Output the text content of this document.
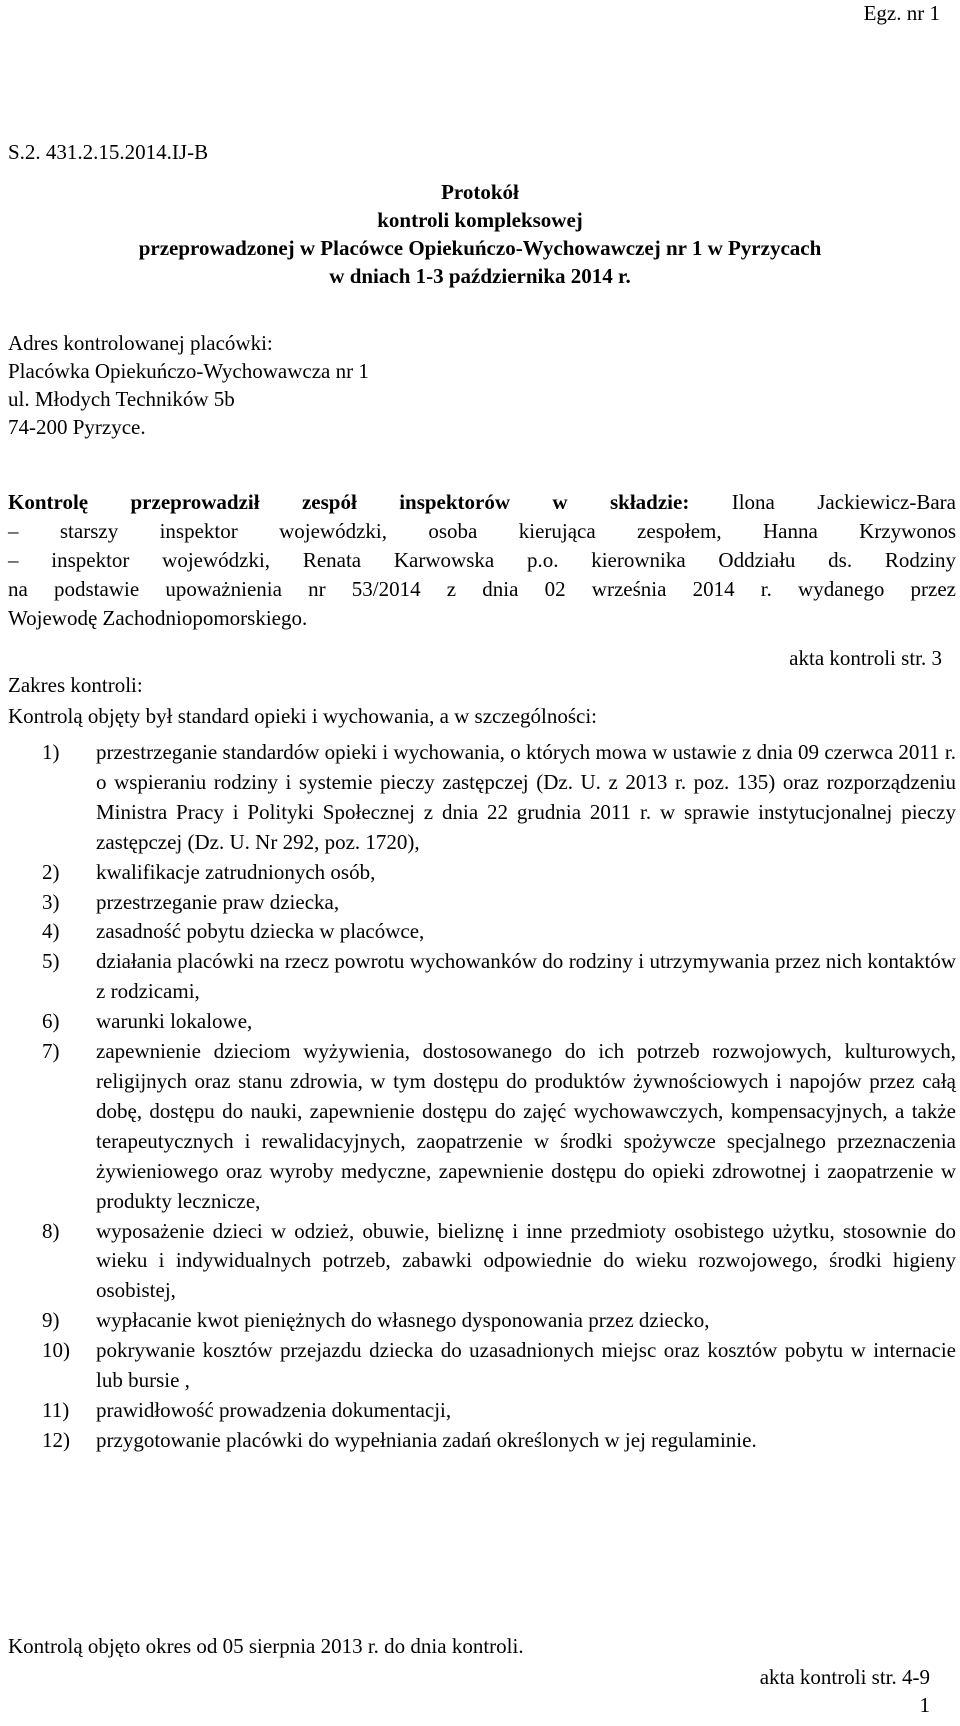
Egz. nr 1
S.2. 431.2.15.2014.IJ-B
Protokół
kontroli kompleksowej
przeprowadzonej w Placówce Opiekuńczo-Wychowawczej nr 1 w Pyrzycach
w dniach 1-3 października 2014 r.
Adres kontrolowanej placówki:
Placówka Opiekuńczo-Wychowawcza nr 1
ul. Młodych Techników 5b
74-200 Pyrzyce.
Kontrolę przeprowadził zespół inspektorów w składzie: Ilona Jackiewicz-Bara
– starszy inspektor wojewódzki, osoba kierująca zespołem, Hanna Krzywonos
– inspektor wojewódzki, Renata Karwowska p.o. kierownika Oddziału ds. Rodziny
na podstawie upoważnienia nr 53/2014 z dnia 02 września 2014 r. wydanego przez
Wojewodę Zachodniopomorskiego.
akta kontroli str. 3
Zakres kontroli:
Kontrolą objęty był standard opieki i wychowania, a w szczególności:
1) przestrzeganie standardów opieki i wychowania, o których mowa w ustawie z dnia 09 czerwca 2011 r. o wspieraniu rodziny i systemie pieczy zastępczej (Dz. U. z 2013 r. poz. 135) oraz rozporządzeniu Ministra Pracy i Polityki Społecznej z dnia 22 grudnia 2011 r. w sprawie instytucjonalnej pieczy zastępczej (Dz. U. Nr 292, poz. 1720),
2) kwalifikacje zatrudnionych osób,
3) przestrzeganie praw dziecka,
4) zasadność pobytu dziecka w placówce,
5) działania placówki na rzecz powrotu wychowanków do rodziny i utrzymywania przez nich kontaktów z rodzicami,
6) warunki lokalowe,
7) zapewnienie dzieciom wyżywienia, dostosowanego do ich potrzeb rozwojowych, kulturowych, religijnych oraz stanu zdrowia, w tym dostępu do produktów żywnościowych i napojów przez całą dobę, dostępu do nauki, zapewnienie dostępu do zajęć wychowawczych, kompensacyjnych, a także terapeutycznych i rewalidacyjnych, zaopatrzenie w środki spożywcze specjalnego przeznaczenia żywieniowego oraz wyroby medyczne, zapewnienie dostępu do opieki zdrowotnej i zaopatrzenie w produkty lecznicze,
8) wyposażenie dzieci w odzież, obuwie, bieliznę i inne przedmioty osobistego użytku, stosownie do wieku i indywidualnych potrzeb, zabawki odpowiednie do wieku rozwojowego, środki higieny osobistej,
9) wypłacanie kwot pieniężnych do własnego dysponowania przez dziecko,
10) pokrywanie kosztów przejazdu dziecka do uzasadnionych miejsc oraz kosztów pobytu w internacie lub bursie ,
11) prawidłowość prowadzenia dokumentacji,
12) przygotowanie placówki do wypełniania zadań określonych w jej regulaminie.
Kontrolą objęto okres od 05 sierpnia 2013 r. do dnia kontroli.
akta kontroli str. 4-9
1
